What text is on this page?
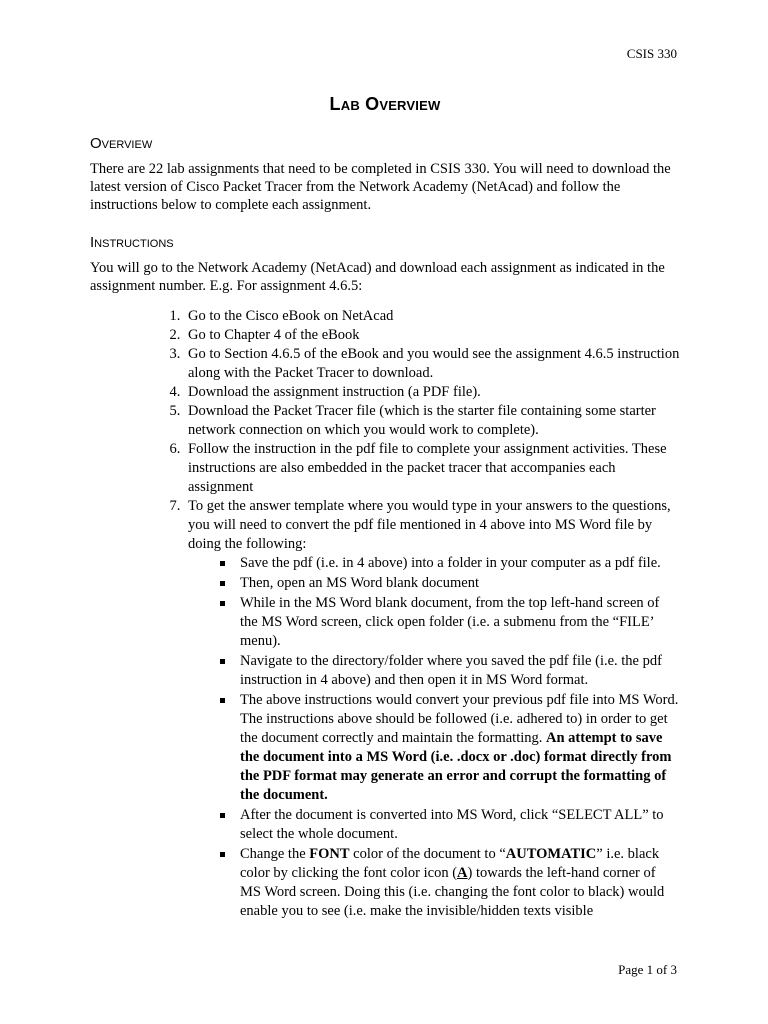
CSIS 330
Lab Overview
Overview

There are 22 lab assignments that need to be completed in CSIS 330. You will need to download the latest version of Cisco Packet Tracer from the Network Academy (NetAcad) and follow the instructions below to complete each assignment.

Instructions

You will go to the Network Academy (NetAcad) and download each assignment as indicated in the assignment number. E.g. For assignment 4.6.5:

1. Go to the Cisco eBook on NetAcad
2. Go to Chapter 4 of the eBook
3. Go to Section 4.6.5 of the eBook and you would see the assignment 4.6.5 instruction along with the Packet Tracer to download.
4. Download the assignment instruction (a PDF file).
5. Download the Packet Tracer file (which is the starter file containing some starter network connection on which you would work to complete).
6. Follow the instruction in the pdf file to complete your assignment activities. These instructions are also embedded in the packet tracer that accompanies each assignment
7. To get the answer template where you would type in your answers to the questions, you will need to convert the pdf file mentioned in 4 above into MS Word file by doing the following:
Save the pdf (i.e. in 4 above) into a folder in your computer as a pdf file.
Then, open an MS Word blank document
While in the MS Word blank document, from the top left-hand screen of the MS Word screen, click open folder (i.e. a submenu from the “FILE’ menu).
Navigate to the directory/folder where you saved the pdf file (i.e. the pdf instruction in 4 above) and then open it in MS Word format.
The above instructions would convert your previous pdf file into MS Word. The instructions above should be followed (i.e. adhered to) in order to get the document correctly and maintain the formatting. An attempt to save the document into a MS Word (i.e. .docx or .doc) format directly from the PDF format may generate an error and corrupt the formatting of the document.
After the document is converted into MS Word, click “SELECT ALL” to select the whole document.
Change the FONT color of the document to “AUTOMATIC” i.e. black color by clicking the font color icon (A) towards the left-hand corner of MS Word screen. Doing this (i.e. changing the font color to black) would enable you to see (i.e. make the invisible/hidden texts visible
Page 1 of 3
